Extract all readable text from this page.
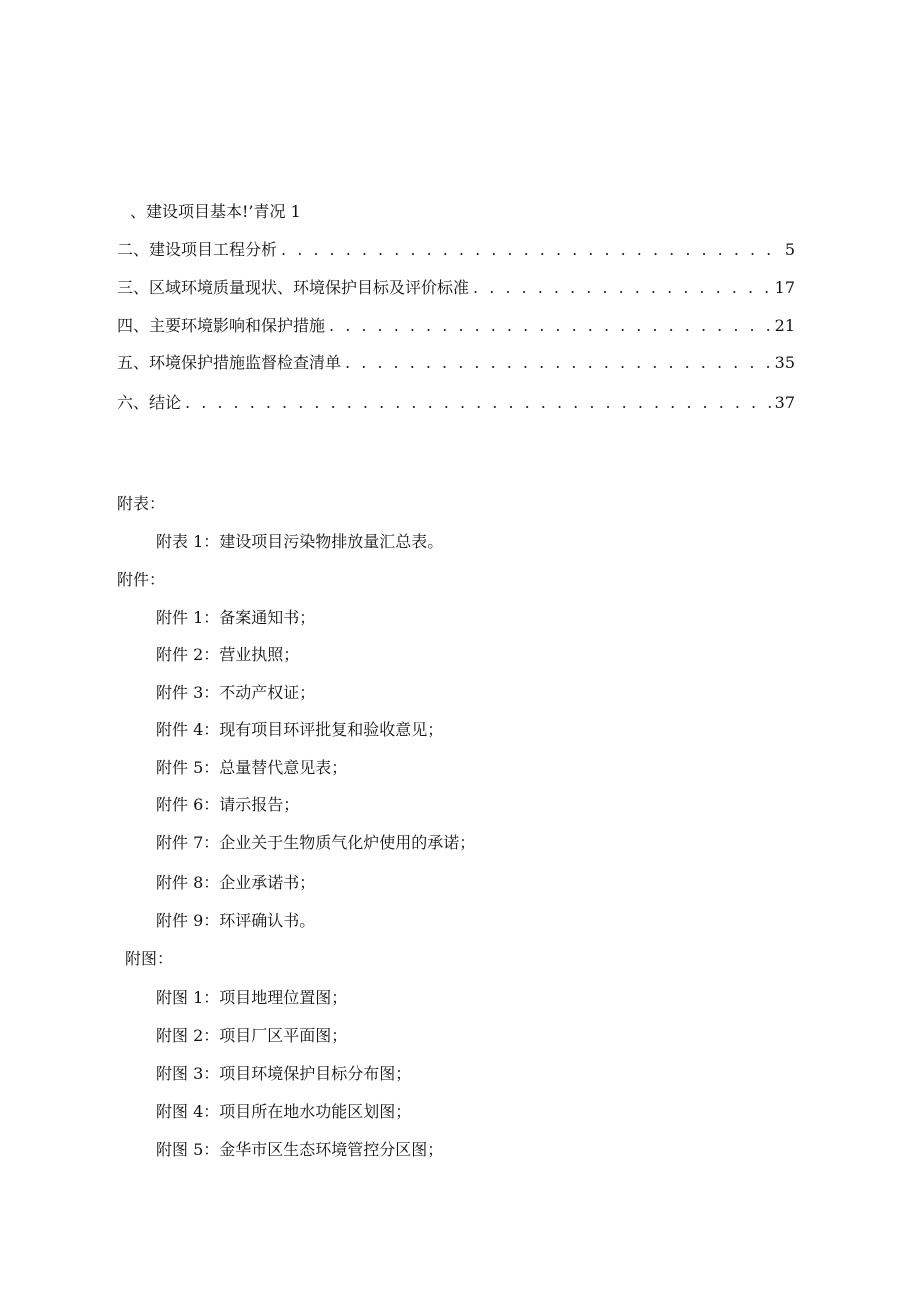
、建设项目基本!’青况 1
二、建设项目工程分析 . . .	5
三、区域环境质量现状、环境保护目标及评价标准 . . .	17
四、主要环境影响和保护措施 . . .	21
五、环境保护措施监督检查清单 . . .	35
六、结论 . . .	37
附表：
附表 1：建设项目污染物排放量汇总表。
附件：
附件 1：备案通知书；
附件 2：营业执照；
附件 3：不动产权证；
附件 4：现有项目环评批复和验收意见；
附件 5：总量替代意见表；
附件 6：请示报告；
附件 7：企业关于生物质气化炉使用的承诺；
附件 8：企业承诺书；
附件 9：环评确认书。
附图：
附图 1：项目地理位置图；
附图 2：项目厂区平面图；
附图 3：项目环境保护目标分布图；
附图 4：项目所在地水功能区划图；
附图 5：金华市区生态环境管控分区图；
